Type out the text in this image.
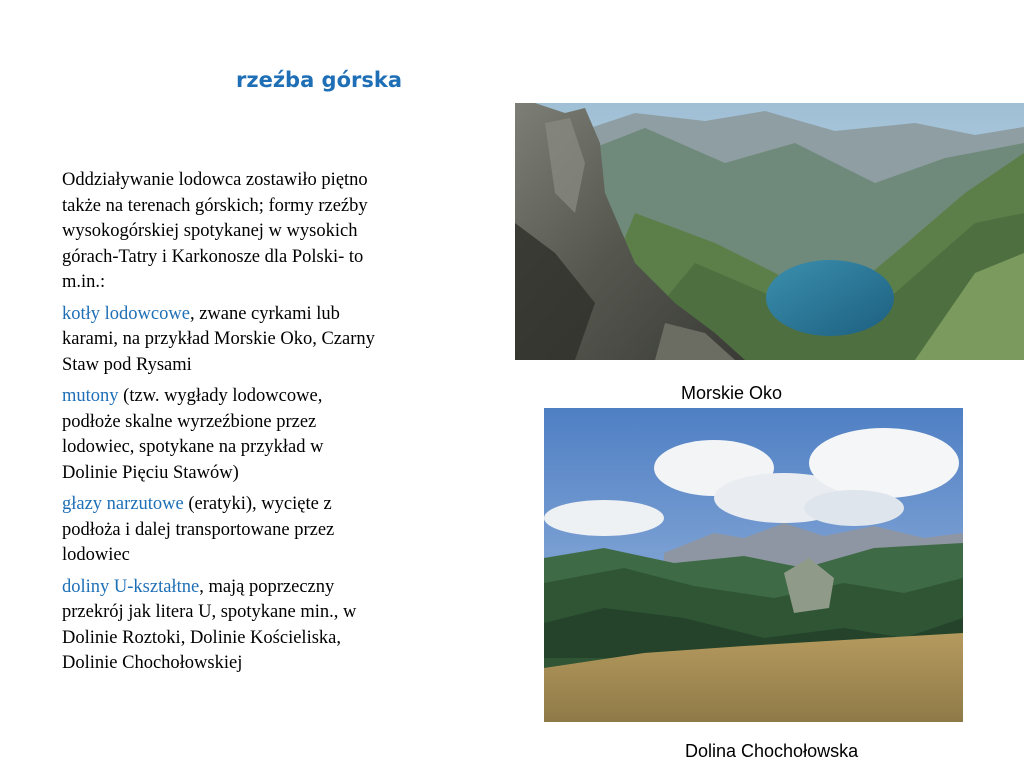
rzeźba górska

Oddziaływanie lodowca zostawiło piętno także na terenach górskich; formy rzeźby wysokogórskiej spotykanej w wysokich górach-Tatry i Karkonosze dla Polski- to m.in.:

kotły lodowcowe, zwane cyrkami lub karami, na przykład Morskie Oko, Czarny Staw pod Rysami

mutony (tzw. wygłady lodowcowe, podłoże skalne wyrzeźbione przez lodowiec, spotykane na przykład w Dolinie Pięciu Stawów)

głazy narzutowe (eratyki), wycięte z podłoża i dalej transportowane przez lodowiec

doliny U-kształtne, mają poprzeczny przekrój jak litera U, spotykane min., w Dolinie Roztoki, Dolinie Kościeliska, Dolinie Chochołowskiej

Morskie Oko
Dolina Chochołowska
